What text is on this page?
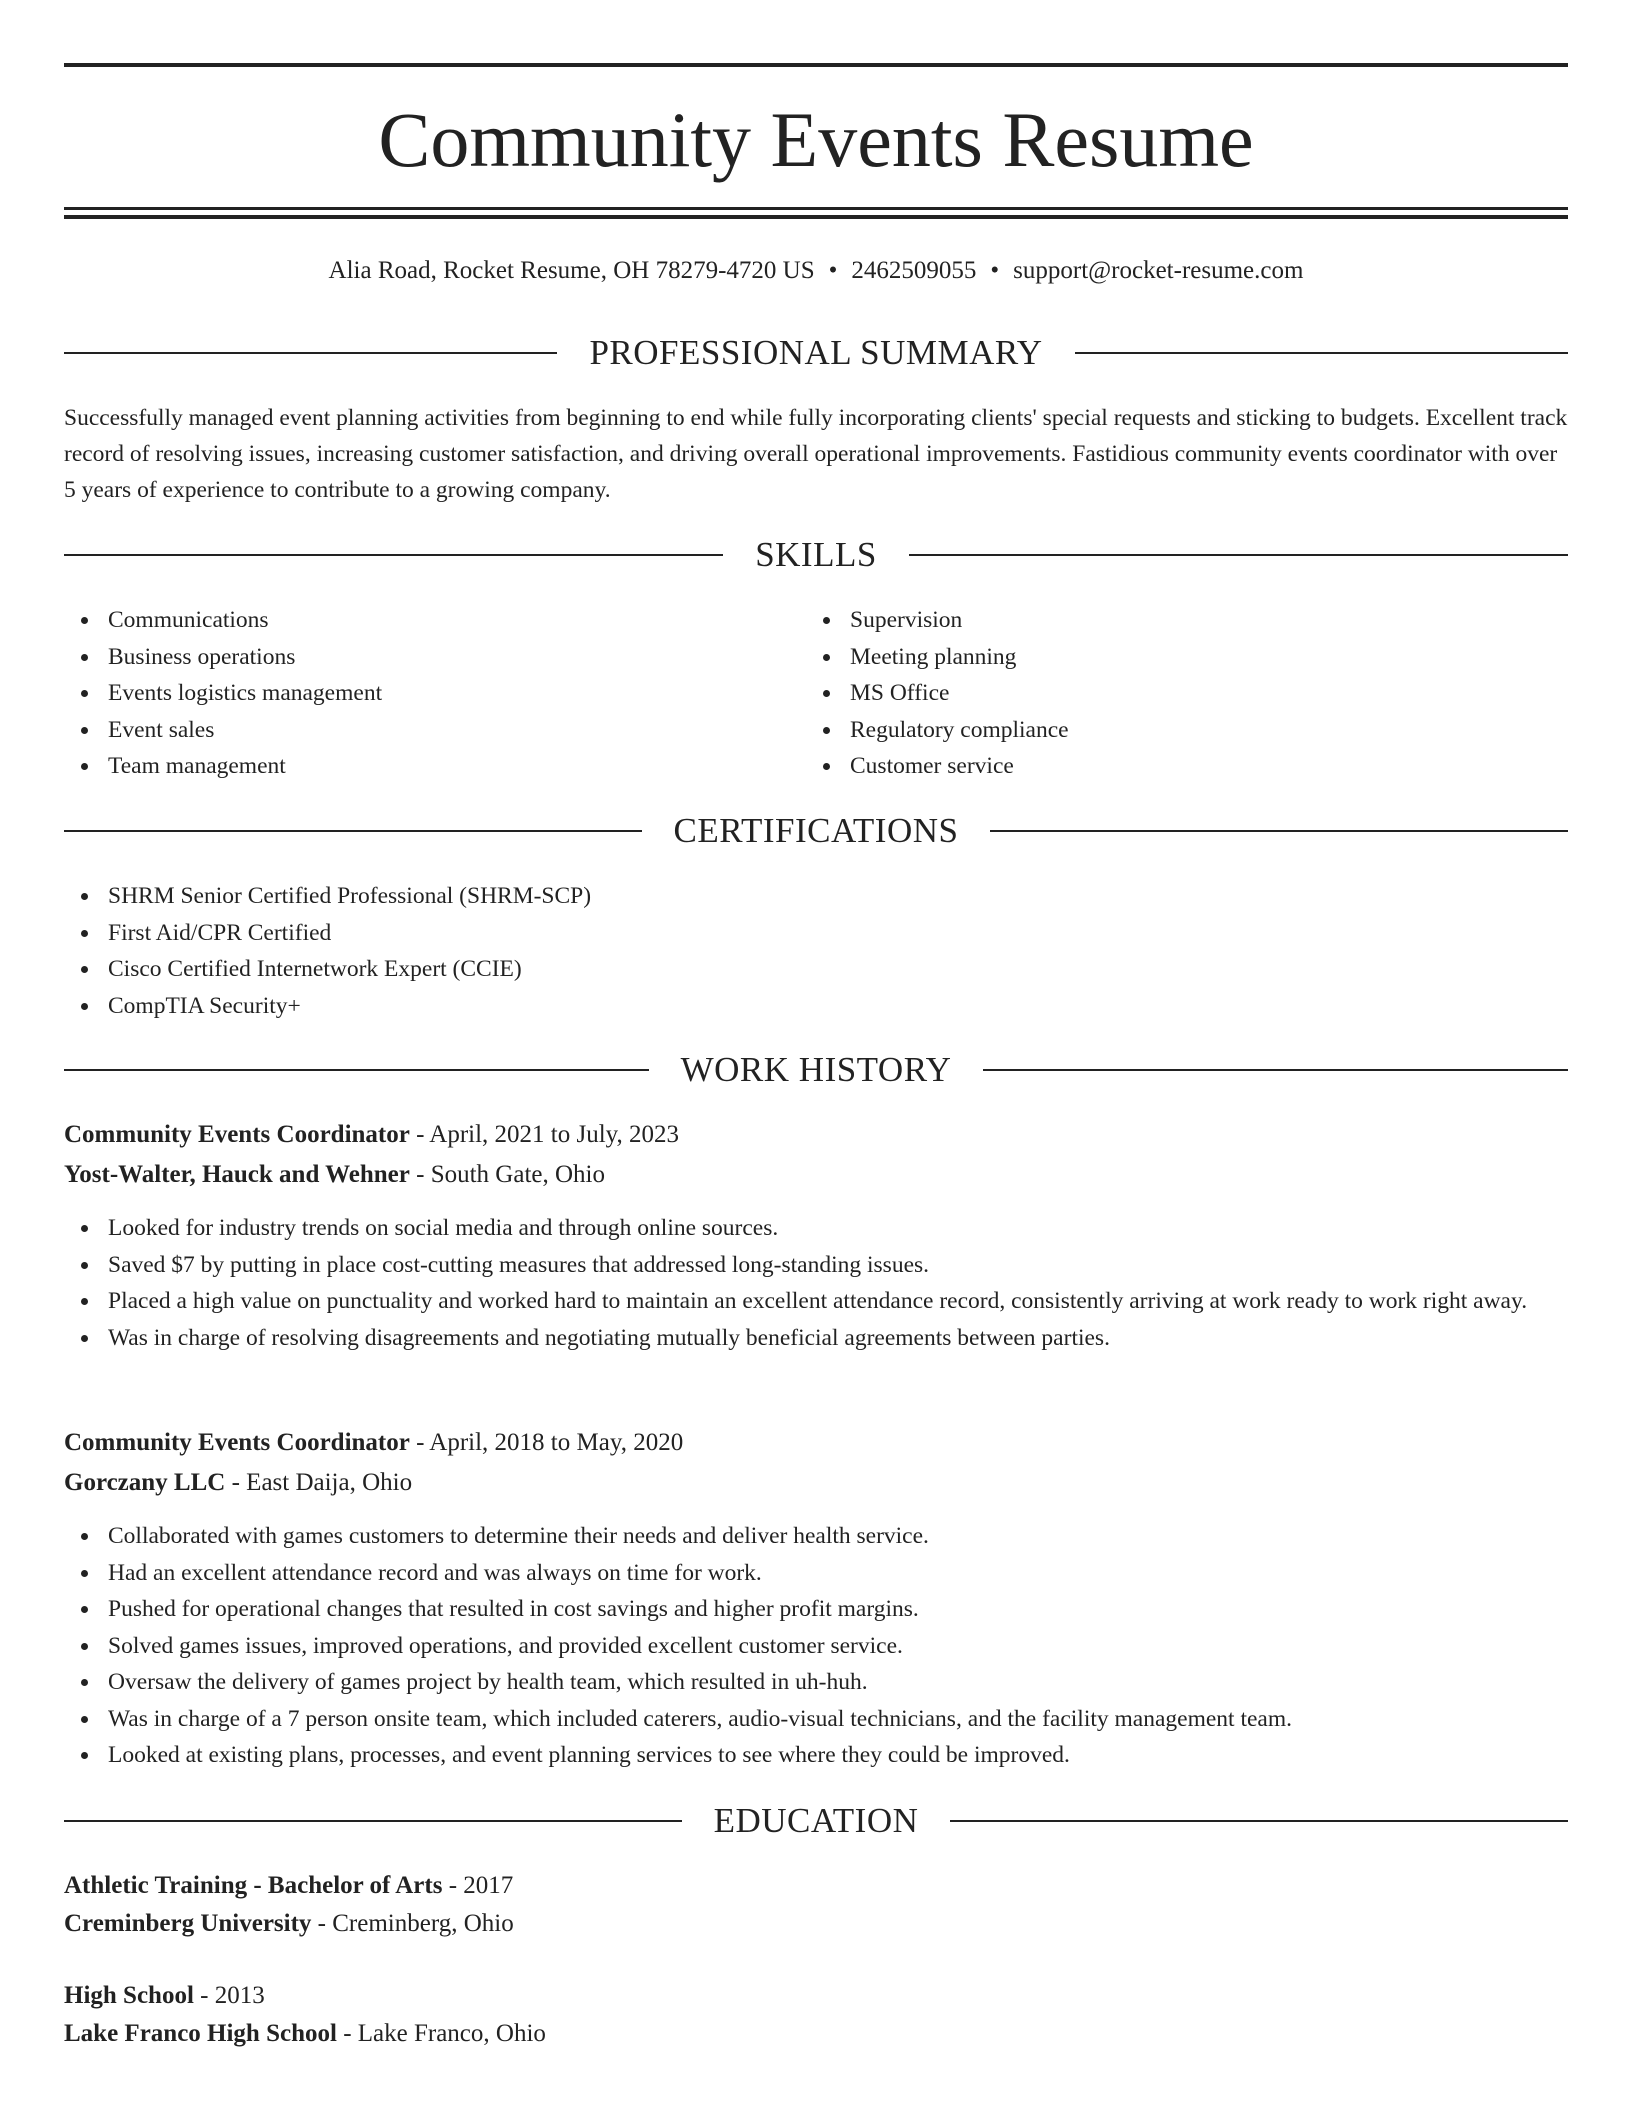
Community Events Resume
Alia Road, Rocket Resume, OH 78279-4720 US • 2462509055 • support@rocket-resume.com
PROFESSIONAL SUMMARY

Successfully managed event planning activities from beginning to end while fully incorporating clients' special requests and sticking to budgets. Excellent track record of resolving issues, increasing customer satisfaction, and driving overall operational improvements. Fastidious community events coordinator with over 5 years of experience to contribute to a growing company.

SKILLS
Communications
Business operations
Events logistics management
Event sales
Team management
Supervision
Meeting planning
MS Office
Regulatory compliance
Customer service
CERTIFICATIONS
SHRM Senior Certified Professional (SHRM-SCP)
First Aid/CPR Certified
Cisco Certified Internetwork Expert (CCIE)
CompTIA Security+
WORK HISTORY
Community Events Coordinator - April, 2021 to July, 2023
Yost-Walter, Hauck and Wehner - South Gate, Ohio
Looked for industry trends on social media and through online sources.
Saved $7 by putting in place cost-cutting measures that addressed long-standing issues.
Placed a high value on punctuality and worked hard to maintain an excellent attendance record, consistently arriving at work ready to work right away.
Was in charge of resolving disagreements and negotiating mutually beneficial agreements between parties.
Community Events Coordinator - April, 2018 to May, 2020
Gorczany LLC - East Daija, Ohio
Collaborated with games customers to determine their needs and deliver health service.
Had an excellent attendance record and was always on time for work.
Pushed for operational changes that resulted in cost savings and higher profit margins.
Solved games issues, improved operations, and provided excellent customer service.
Oversaw the delivery of games project by health team, which resulted in uh-huh.
Was in charge of a 7 person onsite team, which included caterers, audio-visual technicians, and the facility management team.
Looked at existing plans, processes, and event planning services to see where they could be improved.
EDUCATION
Athletic Training - Bachelor of Arts - 2017
Creminberg University - Creminberg, Ohio
High School - 2013
Lake Franco High School - Lake Franco, Ohio
